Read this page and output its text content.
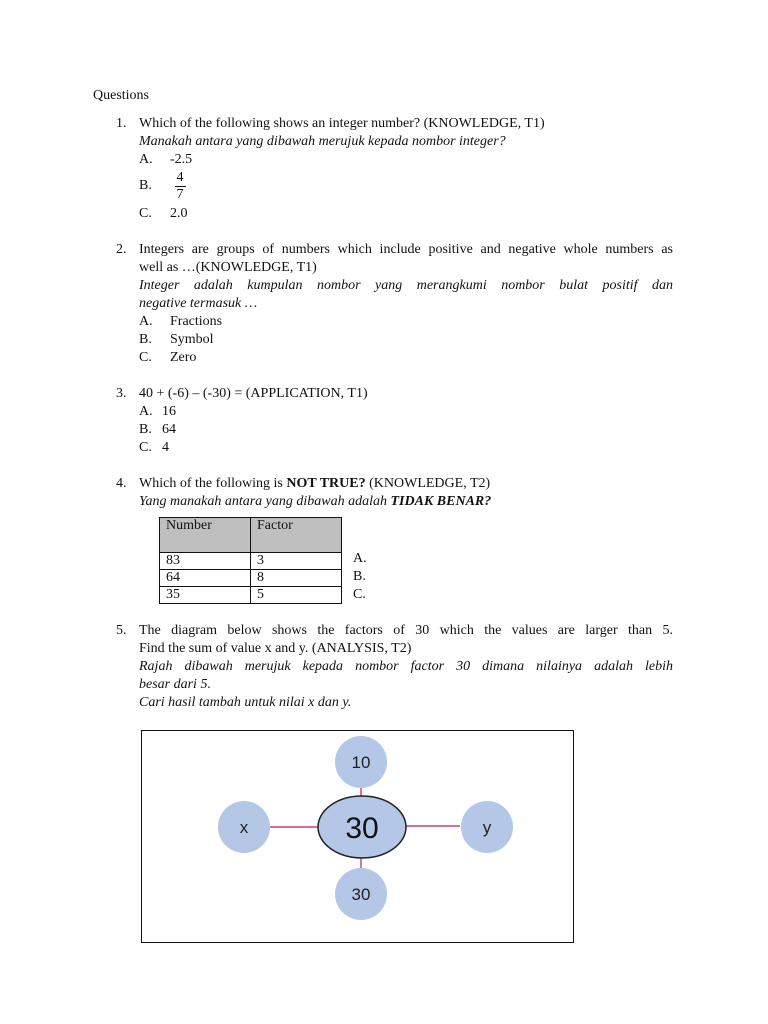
Questions
1. Which of the following shows an integer number? (KNOWLEDGE, T1)
Manakah antara yang dibawah merujuk kepada nombor integer?
A. -2.5
B.
4
7
C. 2.0
2. Integers are groups of numbers which include positive and negative whole numbers as
well as …(KNOWLEDGE, T1)
Integer adalah kumpulan nombor yang merangkumi nombor bulat positif dan
negative termasuk …
A. Fractions
B. Symbol
C. Zero
3. 40 + (-6) – (-30) = (APPLICATION, T1)
A. 16
B. 64
C. 4
4. Which of the following is NOT TRUE? (KNOWLEDGE, T2)
Yang manakah antara yang dibawah adalah TIDAK BENAR?
Number	Factor
83	3
64	8
35	5
A.
B.
C.
5. The diagram below shows the factors of 30 which the values are larger than 5.
Find the sum of value x and y. (ANALYSIS, T2)
Rajah dibawah merujuk kepada nombor factor 30 dimana nilainya adalah lebih
besar dari 5.
Cari hasil tambah untuk nilai x dan y.
10
30
x	y
30
